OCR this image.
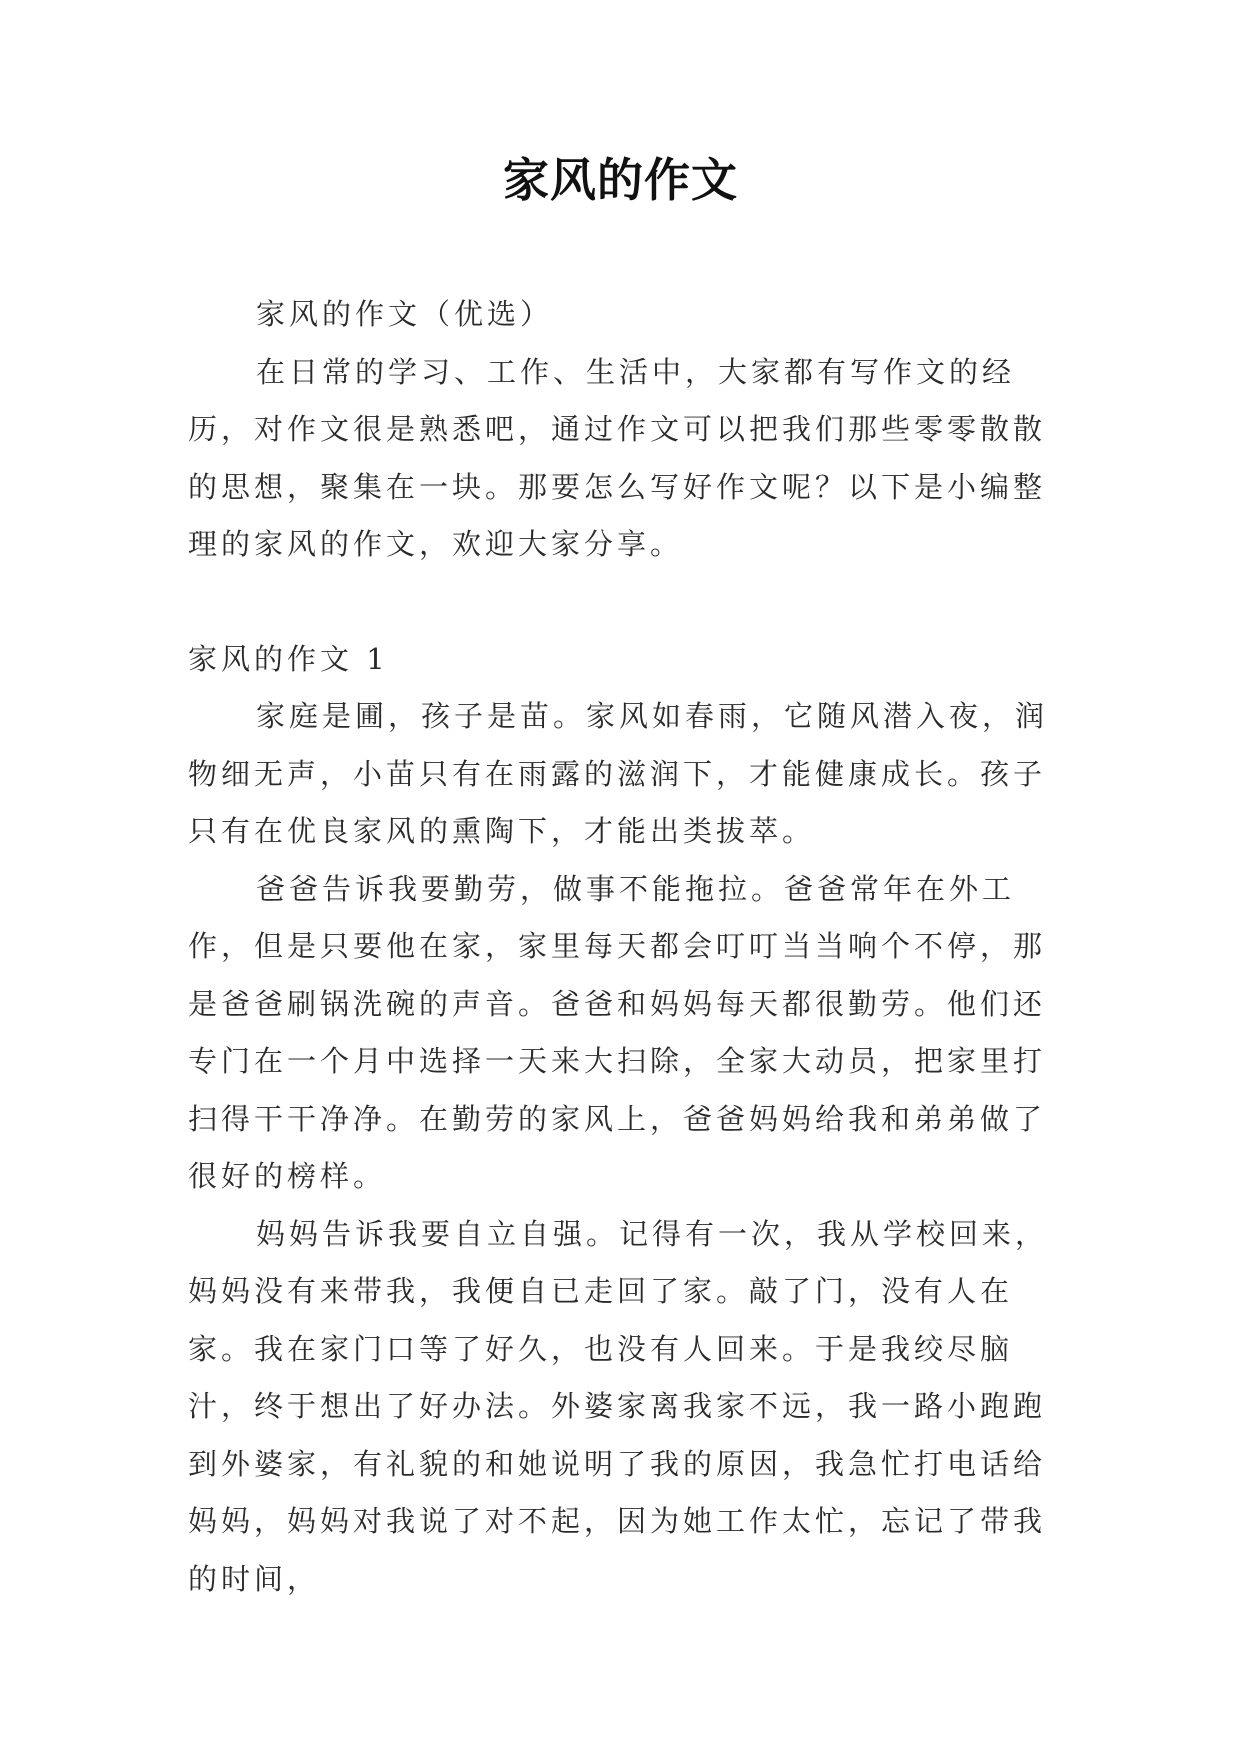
家风的作文

家风的作文（优选）

在日常的学习、工作、生活中，大家都有写作文的经历，对作文很是熟悉吧，通过作文可以把我们那些零零散散的思想，聚集在一块。那要怎么写好作文呢？以下是小编整理的家风的作文，欢迎大家分享。

家风的作文 1

家庭是圃，孩子是苗。家风如春雨，它随风潜入夜，润物细无声，小苗只有在雨露的滋润下，才能健康成长。孩子只有在优良家风的熏陶下，才能出类拔萃。

爸爸告诉我要勤劳，做事不能拖拉。爸爸常年在外工作，但是只要他在家，家里每天都会叮叮当当响个不停，那是爸爸刷锅洗碗的声音。爸爸和妈妈每天都很勤劳。他们还专门在一个月中选择一天来大扫除，全家大动员，把家里打扫得干干净净。在勤劳的家风上，爸爸妈妈给我和弟弟做了很好的榜样。

妈妈告诉我要自立自强。记得有一次，我从学校回来，妈妈没有来带我，我便自已走回了家。敲了门，没有人在家。我在家门口等了好久，也没有人回来。于是我绞尽脑汁，终于想出了好办法。外婆家离我家不远，我一路小跑跑到外婆家，有礼貌的和她说明了我的原因，我急忙打电话给妈妈，妈妈对我说了对不起，因为她工作太忙，忘记了带我的时间，
